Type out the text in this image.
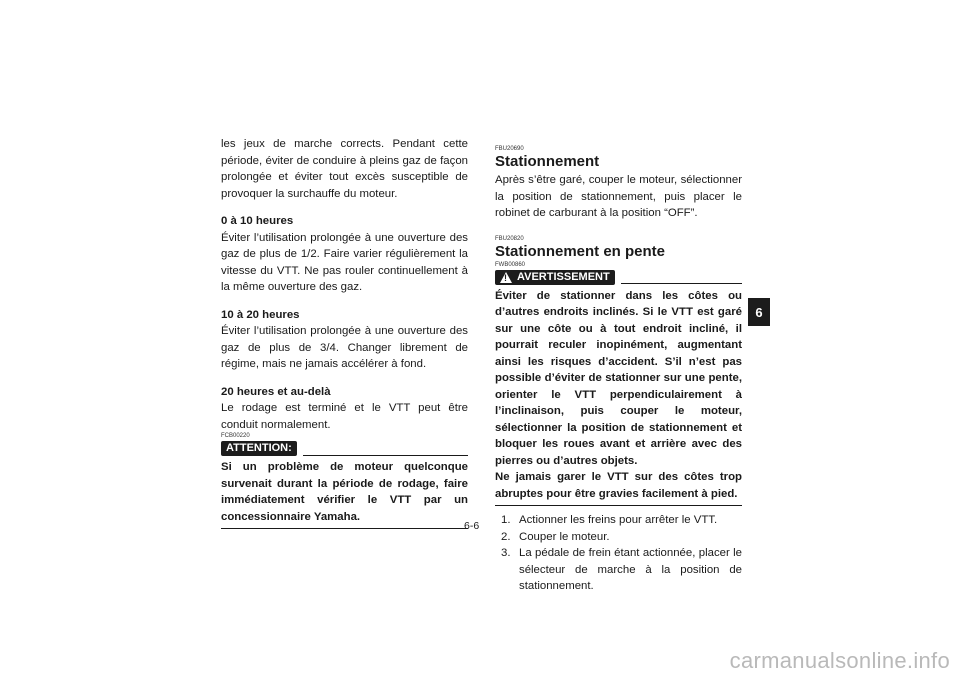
les jeux de marche corrects. Pendant cette période, éviter de conduire à pleins gaz de façon prolongée et éviter tout excès susceptible de provoquer la surchauffe du moteur.

0 à 10 heures

Éviter l’utilisation prolongée à une ouverture des gaz de plus de 1/2. Faire varier régulièrement la vitesse du VTT. Ne pas rouler continuellement à la même ouverture des gaz.

10 à 20 heures

Éviter l’utilisation prolongée à une ouverture des gaz de plus de 3/4. Changer librement de régime, mais ne jamais accélérer à fond.

20 heures et au-delà

Le rodage est terminé et le VTT peut être conduit normalement.

FCB00220
ATTENTION:

Si un problème de moteur quelconque survenait durant la période de rodage, faire immédiatement vérifier le VTT par un concessionnaire Yamaha.

FBU20690
Stationnement

Après s’être garé, couper le moteur, sélectionner la position de stationnement, puis placer le robinet de carburant à la position “OFF”.

FBU20820
Stationnement en pente
FWB00860
!
AVERTISSEMENT

Éviter de stationner dans les côtes ou d’autres endroits inclinés. Si le VTT est garé sur une côte ou à tout endroit incliné, il pourrait reculer inopinément, augmentant ainsi les risques d’accident. S’il n’est pas possible d’éviter de stationner sur une pente, orienter le VTT perpendiculairement à l’inclinaison, puis couper le moteur, sélectionner la position de stationnement et bloquer les roues avant et arrière avec des pierres ou d’autres objets.

Ne jamais garer le VTT sur des côtes trop abruptes pour être gravies facilement à pied.

1. Actionner les freins pour arrêter le VTT.
2. Couper le moteur.
3. La pédale de frein étant actionnée, placer le sélecteur de marche à la position de stationnement.
6
6-6
carmanualsonline.info
